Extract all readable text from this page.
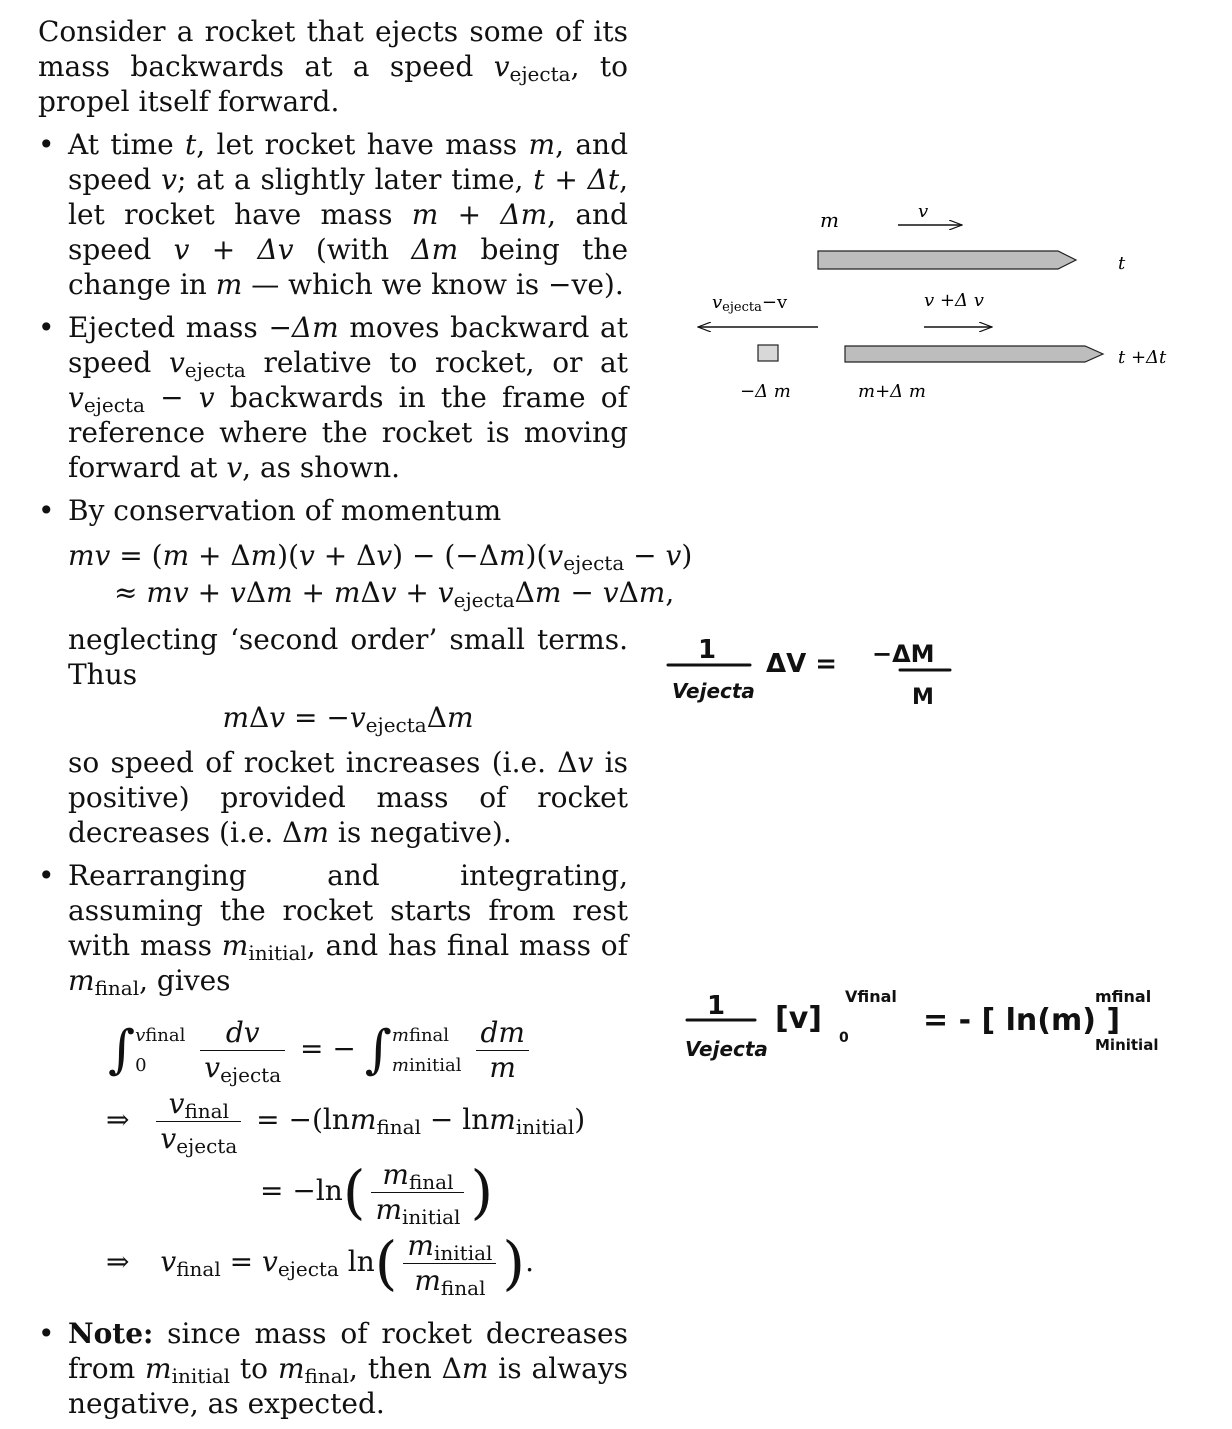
Consider a rocket that ejects some of its mass backwards at a speed $v_{ejecta}$, to propel itself forward.

• At time t, let rocket have mass m, and speed v; at a slightly later time, t + Δt, let rocket have mass m + Δm, and speed v + Δv (with Δm being the change in m — which we know is −ve).
• Ejected mass −Δm moves backward at speed $v_{ejecta}$ relative to rocket, or at $v_{ejecta} - v$ backwards in the frame of reference where the rocket is moving forward at v, as shown.
• By conservation of momentum
mv = $(m + \Delta m)(v + \Delta v) - (-\Delta m)(v_{ejecta} - v)$
≈ mv + $v\Delta m + m\Delta v + v_{ejecta}\Delta m - v\Delta m$,
neglecting ‘second order’ small terms. Thus
$m\Delta v = -v_{ejecta}\Delta m$
so speed of rocket increases (i.e. Δv is positive) provided mass of rocket decreases (i.e. Δm is negative).
• Rearranging and integrating, assuming the rocket starts from rest with mass $m_{initial}$, and has final mass of $m_{final}$, gives
∫ vfinal
0
	$\frac{dv}{v_{ejecta}}$ = − ∫ mfinal
minitial
$\frac{dm}{m}$
⇒ $\frac{v_{final}}{v_{ejecta}} = -(\ln m_{final} - \ln m_{initial})$
= $-\ln( \frac{m_{final}}{m_{initial}}$ )
⇒ $v_{final} = v_{ejecta}$ $\ln( \frac{m_{initial}}{m_{final}}$ ).
• Note: since mass of rocket decreases from $m_{initial}$ to $m_{final}$, then Δm is always negative, as expected.
m	v
t
vejecta−v	v +Δ v
t +Δt
−Δ m	m+Δ m
1
Vejecta
ΔV = −ΔM
M
1
Vejecta
[v]
Vfinal
0 = - [ ln(m) ]
mfinal
Minitial
